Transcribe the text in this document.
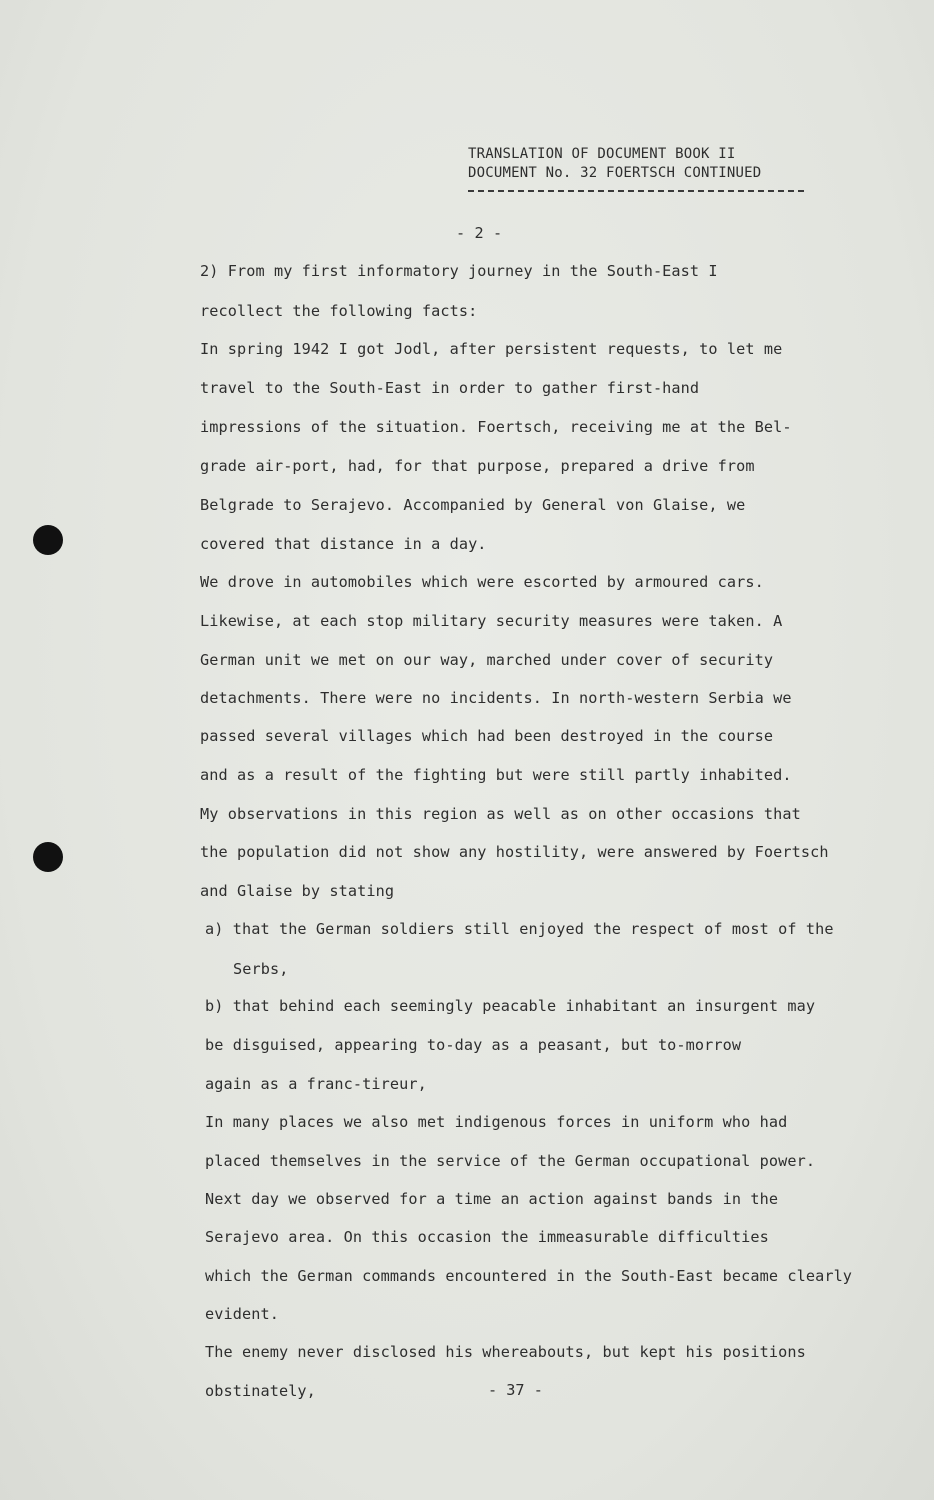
TRANSLATION OF DOCUMENT BOOK II
DOCUMENT No. 32 FOERTSCH CONTINUED
- 2 -
2) From my first informatory journey in the South-East I
recollect the following facts:
In spring 1942 I got Jodl, after persistent requests, to let me
travel to the South-East in order to gather first-hand
impressions of the situation. Foertsch, receiving me at the Bel-
grade air-port, had, for that purpose, prepared a drive from
Belgrade to Serajevo. Accompanied by General von Glaise, we
covered that distance in a day.
We drove in automobiles which were escorted by armoured cars.
Likewise, at each stop military security measures were taken. A
German unit we met on our way, marched under cover of security
detachments. There were no incidents. In north-western Serbia we
passed several villages which had been destroyed in the course
and as a result of the fighting but were still partly inhabited.
My observations in this region as well as on other occasions that
the population did not show any hostility, were answered by Foertsch
and Glaise by stating
a) that the German soldiers still enjoyed the respect of most of the
Serbs,
b) that behind each seemingly peacable inhabitant an insurgent may
be disguised, appearing to-day as a peasant, but to-morrow
again as a franc-tireur,
In many places we also met indigenous forces in uniform who had
placed themselves in the service of the German occupational power.
Next day we observed for a time an action against bands in the
Serajevo area. On this occasion the immeasurable difficulties
which the German commands encountered in the South-East became clearly
evident.
The enemy never disclosed his whereabouts, but kept his positions
obstinately,	- 37 -
